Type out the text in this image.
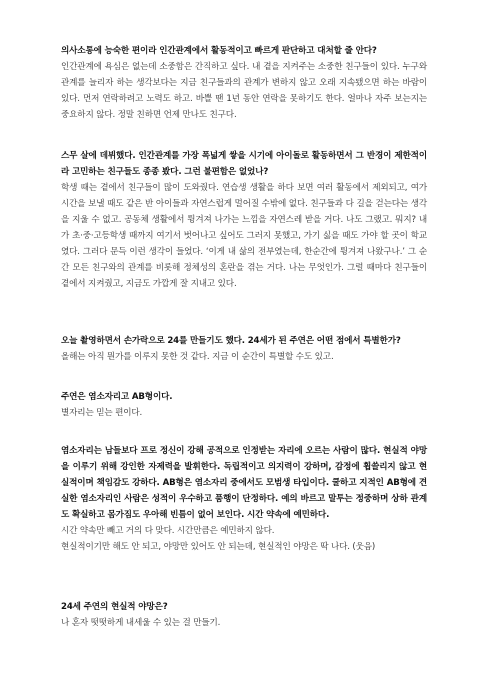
의사소통에 능숙한 편이라 인간관계에서 활동적이고 빠르게 판단하고 대처할 줄 안다?
인간관계에 욕심은 없는데 소중함은 간직하고 싶다. 내 곁을 지켜주는 소중한 친구들이 있다. 누구와 관계를 늘리자 하는 생각보다는 지금 친구들과의 관계가 변하지 않고 오래 지속됐으면 하는 바람이 있다. 먼저 연락하려고 노력도 하고. 바쁠 땐 1년 동안 연락을 못하기도 한다. 얼마나 자주 보는지는 중요하지 않다. 정말 친하면 언제 만나도 친구다.
스무 살에 데뷔했다. 인간관계를 가장 폭넓게 쌓을 시기에 아이돌로 활동하면서 그 반경이 제한적이라 고민하는 친구들도 종종 봤다. 그런 불편함은 없었나?
학생 때는 곁에서 친구들이 많이 도와줬다. 연습생 생활을 하다 보면 여러 활동에서 제외되고, 여가 시간을 보낼 때도 같은 반 아이들과 자연스럽게 멀어질 수밖에 없다. 친구들과 다 길을 걷는다는 생각을 지울 수 없고. 공동체 생활에서 튕겨져 나가는 느낌을 자연스레 받을 거다. 나도 그랬고. 뭐지? 내가 초·중·고등학생 때까지 여기서 벗어나고 싶어도 그러지 못했고, 가기 싫을 때도 가야 할 곳이 학교였다. 그러다 문득 이런 생각이 들었다. ‘이게 내 삶의 전부였는데, 한순간에 튕겨져 나왔구나.’ 그 순간 모든 친구와의 관계를 비롯해 정체성의 혼란을 겪는 거다. 나는 무엇인가. 그럴 때마다 친구들이 곁에서 지켜줬고, 지금도 가깝게 잘 지내고 있다.
오늘 촬영하면서 손가락으로 24를 만들기도 했다. 24세가 된 주연은 어떤 점에서 특별한가?
올해는 아직 뭔가를 이루지 못한 것 같다. 지금 이 순간이 특별할 수도 있고.
주연은 염소자리고 AB형이다.
별자리는 믿는 편이다.
염소자리는 남들보다 프로 정신이 강해 공적으로 인정받는 자리에 오르는 사람이 많다. 현실적 야망을 이루기 위해 강인한 자제력을 발휘한다. 독립적이고 의지력이 강하며, 감정에 휩쓸리지 않고 현실적이며 책임감도 강하다. AB형은 염소자리 중에서도 모범생 타입이다. 쿨하고 지적인 AB형에 견실한 염소자리인 사람은 성적이 우수하고 품행이 단정하다. 예의 바르고 말투는 정중하며 상하 관계도 확실하고 몸가짐도 우아해 빈틈이 없어 보인다. 시간 약속에 예민하다.
시간 약속만 빼고 거의 다 맞다. 시간만큼은 예민하지 않다.
현실적이기만 해도 안 되고, 야망만 있어도 안 되는데, 현실적인 야망은 딱 나다. (웃음)
24세 주연의 현실적 야망은?
나 혼자 떳떳하게 내세울 수 있는 걸 만들기.
